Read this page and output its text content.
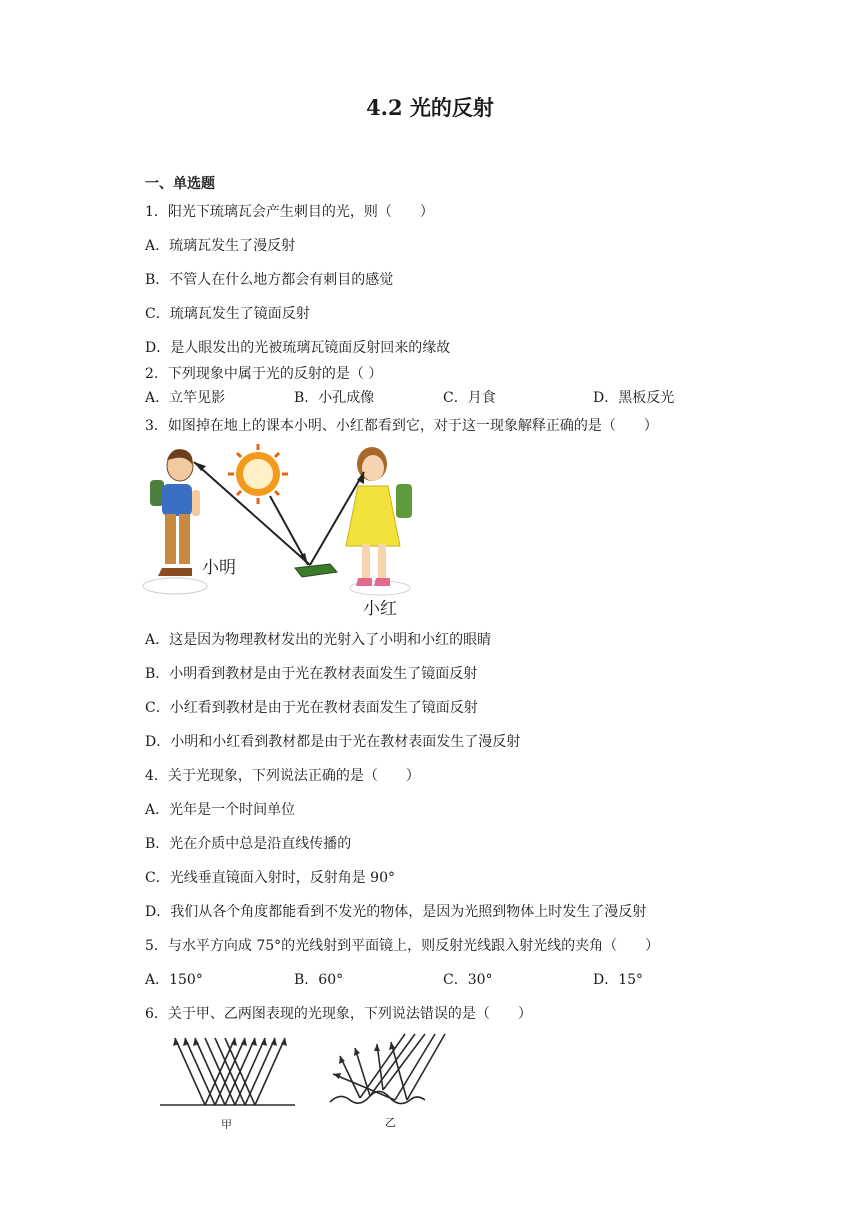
4.2 光的反射
一、单选题
1．阳光下琉璃瓦会产生刺目的光，则（　　）
A．琉璃瓦发生了漫反射
B．不管人在什么地方都会有刺目的感觉
C．琉璃瓦发生了镜面反射
D．是人眼发出的光被琉璃瓦镜面反射回来的缘故
2．下列现象中属于光的反射的是（ ）
A．立竿见影	B．小孔成像	C．月食	D．黑板反光
3．如图掉在地上的课本小明、小红都看到它，对于这一现象解释正确的是（　　）
小明
小红
A．这是因为物理教材发出的光射入了小明和小红的眼睛
B．小明看到教材是由于光在教材表面发生了镜面反射
C．小红看到教材是由于光在教材表面发生了镜面反射
D．小明和小红看到教材都是由于光在教材表面发生了漫反射
4．关于光现象，下列说法正确的是（　　）
A．光年是一个时间单位
B．光在介质中总是沿直线传播的
C．光线垂直镜面入射时，反射角是 90°
D．我们从各个角度都能看到不发光的物体，是因为光照到物体上时发生了漫反射
5．与水平方向成 75°的光线射到平面镜上，则反射光线跟入射光线的夹角（　　）
A．150°	B．60°	C．30°	D．15°
6．关于甲、乙两图表现的光现象，下列说法错误的是（　　）
甲	乙
